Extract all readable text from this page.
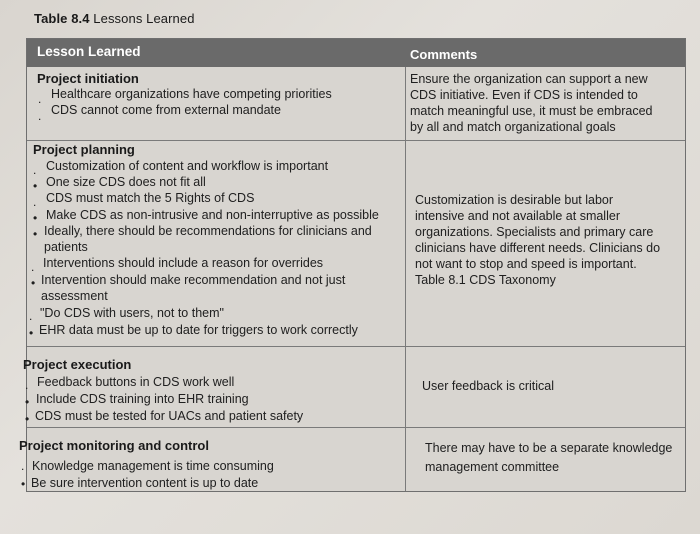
Table 8.4 Lessons Learned
Lesson Learned	Comments
Project initiation
. Healthcare organizations have competing priorities
. CDS cannot come from external mandate
Ensure the organization can support a new
CDS initiative. Even if CDS is intended to
match meaningful use, it must be embraced
by all and match organizational goals
Project planning
. Customization of content and workflow is important
• One size CDS does not fit all
. CDS must match the 5 Rights of CDS
• Make CDS as non-intrusive and non-interruptive as possible
• Ideally, there should be recommendations for clinicians and
patients
. Interventions should include a reason for overrides
• Intervention should make recommendation and not just
assessment
. "Do CDS with users, not to them"
• EHR data must be up to date for triggers to work correctly
Customization is desirable but labor
intensive and not available at smaller
organizations. Specialists and primary care
clinicians have different needs. Clinicians do
not want to stop and speed is important.
Table 8.1 CDS Taxonomy
Project execution
. Feedback buttons in CDS work well
• Include CDS training into EHR training
• CDS must be tested for UACs and patient safety
User feedback is critical
Project monitoring and control
. Knowledge management is time consuming
• Be sure intervention content is up to date
There may have to be a separate knowledge
management committee
